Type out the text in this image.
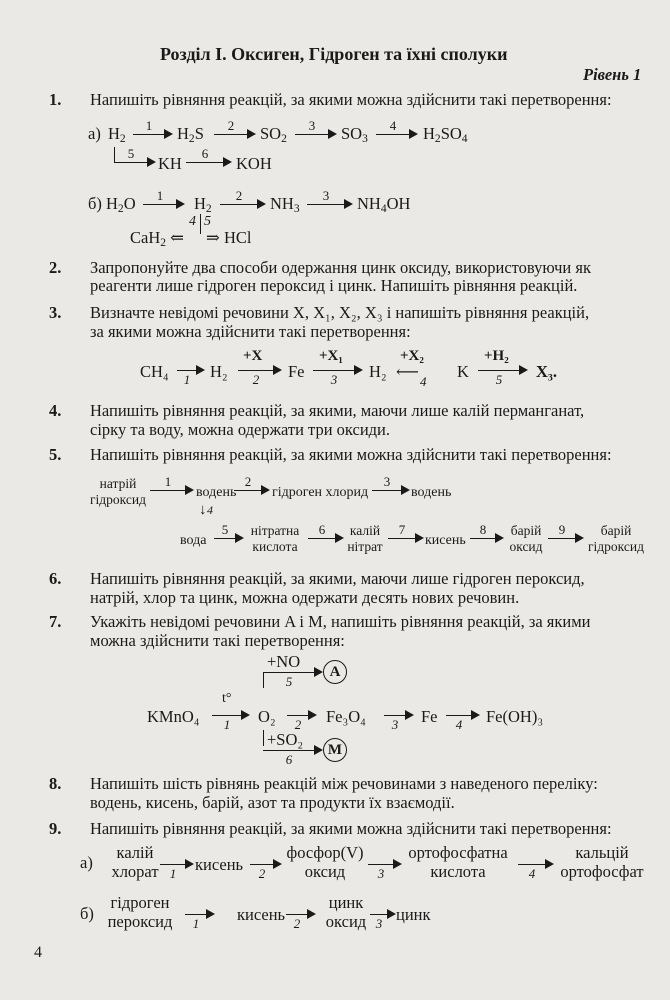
Розділ I. Оксиген, Гідроген та їхні сполуки
Рівень 1
1. Напишіть рівняння реакцій, за якими можна здійснити такі перетворення:
а) $H_2$
1	$H_2S$	2	$SO_2$
3	$SO_3$
4	$H_2SO_4$
5
KH
6
KOH
б) $H_2O$	1	$H_2$
2	$NH_3$
3	$NH_4OH$
CaH$_2$ ⇐
4 5
⇒ HCl
2. Запропонуйте два способи одержання цинк оксиду, використовуючи як
реагенти лише гідроген пероксид і цинк. Напишіть рівняння реакцій.
3. Визначте невідомі речовини X, X₁, X₂, X₃ і напишіть рівняння реакцій,
за якими можна здійснити такі перетворення:
CH₄	1	H₂	2
+X
Fe	3
+X₁
H₂ ⟵
+X₂
4
K	5
+H₂
X₃.
4. Напишіть рівняння реакцій, за якими, маючи лише калій перманганат,
сірку та воду, можна одержати три оксиди.
5. Напишіть рівняння реакцій, за якими можна здійснити такі перетворення:
натрій
гідроксид
1
водень
2
гідроген хлорид
3
водень
↓ 4
вода
5	нітратна
кислота
6	калій
нітрат
7
кисень
8	барій
оксид
9	барій
гідроксид
6. Напишіть рівняння реакцій, за якими, маючи лише гідроген пероксид,
натрій, хлор та цинк, можна одержати десять нових речовин.
7. Укажіть невідомі речовини A і M, напишіть рівняння реакцій, за якими
можна здійснити такі перетворення:
+NO
5
A
KMnO₄
t°
1	O₂	2	Fe₃O₄	3	Fe	4	Fe(OH)₃
+SO₂
6
M
8. Напишіть шість рівнянь реакцій між речовинами з наведеного переліку:
водень, кисень, барій, азот та продукти їх взаємодії.
9. Напишіть рівняння реакцій, за якими можна здійснити такі перетворення:
а)
калій
хлорат 1	кисень	2
фосфор(V)
оксид	3
ортофосфатна
кислота	4
кальцій
ортофосфат
б)
гідроген
пероксид	1	кисень 2
цинк
оксид 3 цинк
4
